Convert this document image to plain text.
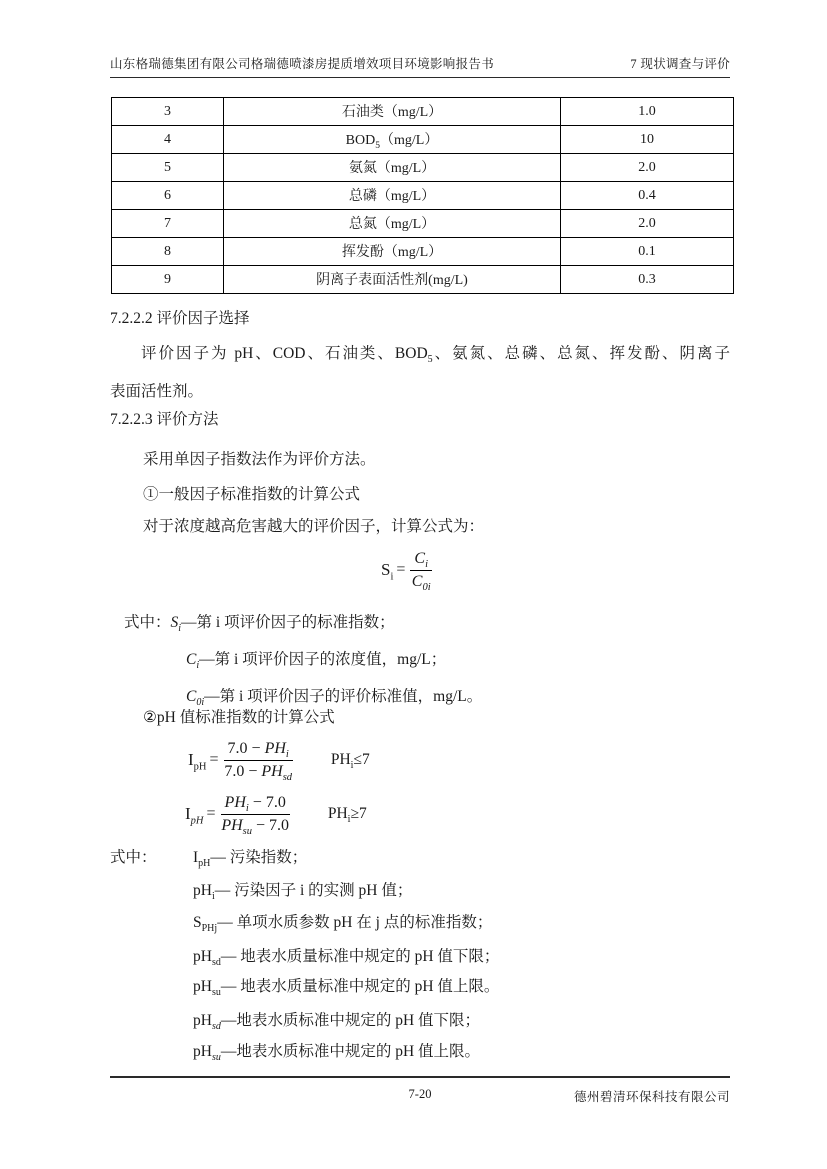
山东格瑞德集团有限公司格瑞德喷漆房提质增效项目环境影响报告书	7 现状调查与评价
3	石油类（mg/L）	1.0
4	$BOD_5(mg/L)$	10
5	氨氮（mg/L）	2.0
6	总磷（mg/L）	0.4
7	总氮（mg/L）	2.0
8	挥发酚（mg/L）	0.1
9	阴离子表面活性剂(mg/L)	0.3
7.2.2.2 评价因子选择
评价因子为 pH、COD、石油类、$BOD_5$、氨氮、总磷、总氮、挥发酚、阴离子
表面活性剂。
7.2.2.3 评价方法
采用单因子指数法作为评价方法。
①一般因子标准指数的计算公式
对于浓度越高危害越大的评价因子，计算公式为：
$S_i = \frac{C_i}{C_{0i}}$
式中：$S_i—$第 i 项评价因子的标准指数；
$C_i—$第 i 项评价因子的浓度值，mg/L；
$C_{0i}—$第 i 项评价因子的评价标准值，mg/L。
②pH 值标准指数的计算公式
$I_{pH} = \frac{7.0 - PH_i}{7.0 - PH_{sd}} PH_i\le 7$
$I_{pH} = \frac{PH_i - 7.0}{PH_{su} - 7.0} PH_i\ge 7$
式中： $I_{pH}—$ 污染指数；
$pH_i—$ 污染因子 i 的实测 pH 值；
$S_{PHj}—$ 单项水质参数 pH 在 j 点的标准指数；
$pH_{sd}—$ 地表水质量标准中规定的 pH 值下限；
$pH_{su}—$ 地表水质量标准中规定的 pH 值上限。
$pH_{sd}—$地表水质标准中规定的 pH 值下限；
$pH_{su}—$地表水质标准中规定的 pH 值上限。
7-20	德州碧清环保科技有限公司
